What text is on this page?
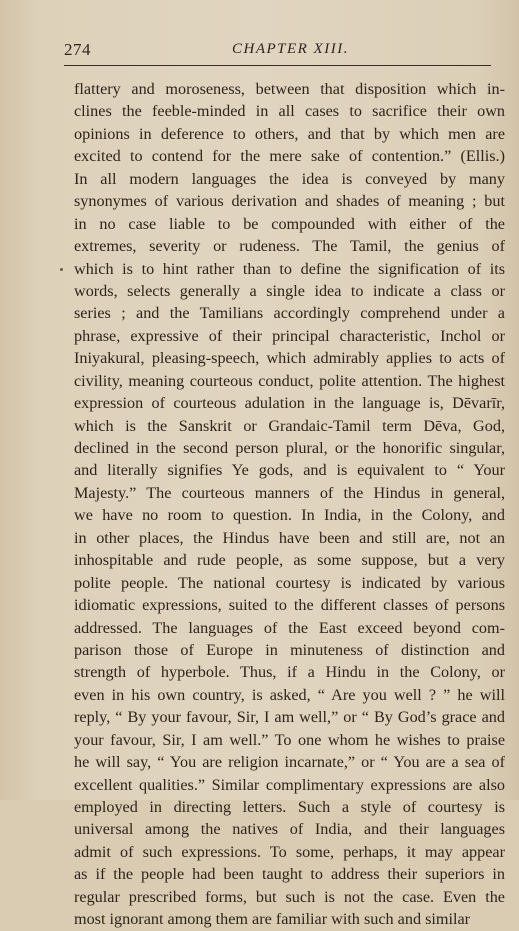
274	CHAPTER XIII.
flattery and moroseness, between that disposition which in-
clines the feeble-minded in all cases to sacrifice their own
opinions in deference to others, and that by which men are
excited to contend for the mere sake of contention.” (Ellis.)
In all modern languages the idea is conveyed by many
synonymes of various derivation and shades of meaning ; but
in no case liable to be compounded with either of the
extremes, severity or rudeness. The Tamil, the genius of
which is to hint rather than to define the signification of its
words, selects generally a single idea to indicate a class or
series ; and the Tamilians accordingly comprehend under a
phrase, expressive of their principal characteristic, Inchol or
Iniyakural, pleasing-speech, which admirably applies to acts of
civility, meaning courteous conduct, polite attention. The highest
expression of courteous adulation in the language is, Dēvarīr,
which is the Sanskrit or Grandaic-Tamil term Dēva, God,
declined in the second person plural, or the honorific singular,
and literally signifies Ye gods, and is equivalent to “ Your
Majesty.” The courteous manners of the Hindus in general,
we have no room to question. In India, in the Colony, and
in other places, the Hindus have been and still are, not an
inhospitable and rude people, as some suppose, but a very
polite people. The national courtesy is indicated by various
idiomatic expressions, suited to the different classes of persons
addressed. The languages of the East exceed beyond com-
parison those of Europe in minuteness of distinction and
strength of hyperbole. Thus, if a Hindu in the Colony, or
even in his own country, is asked, “ Are you well ? ” he will
reply, “ By your favour, Sir, I am well,” or “ By God’s grace and
your favour, Sir, I am well.” To one whom he wishes to praise
he will say, “ You are religion incarnate,” or “ You are a sea of
excellent qualities.” Similar complimentary expressions are also
employed in directing letters. Such a style of courtesy is
universal among the natives of India, and their languages
admit of such expressions. To some, perhaps, it may appear
as if the people had been taught to address their superiors in
regular prescribed forms, but such is not the case. Even the
most ignorant among them are familiar with such and similar
